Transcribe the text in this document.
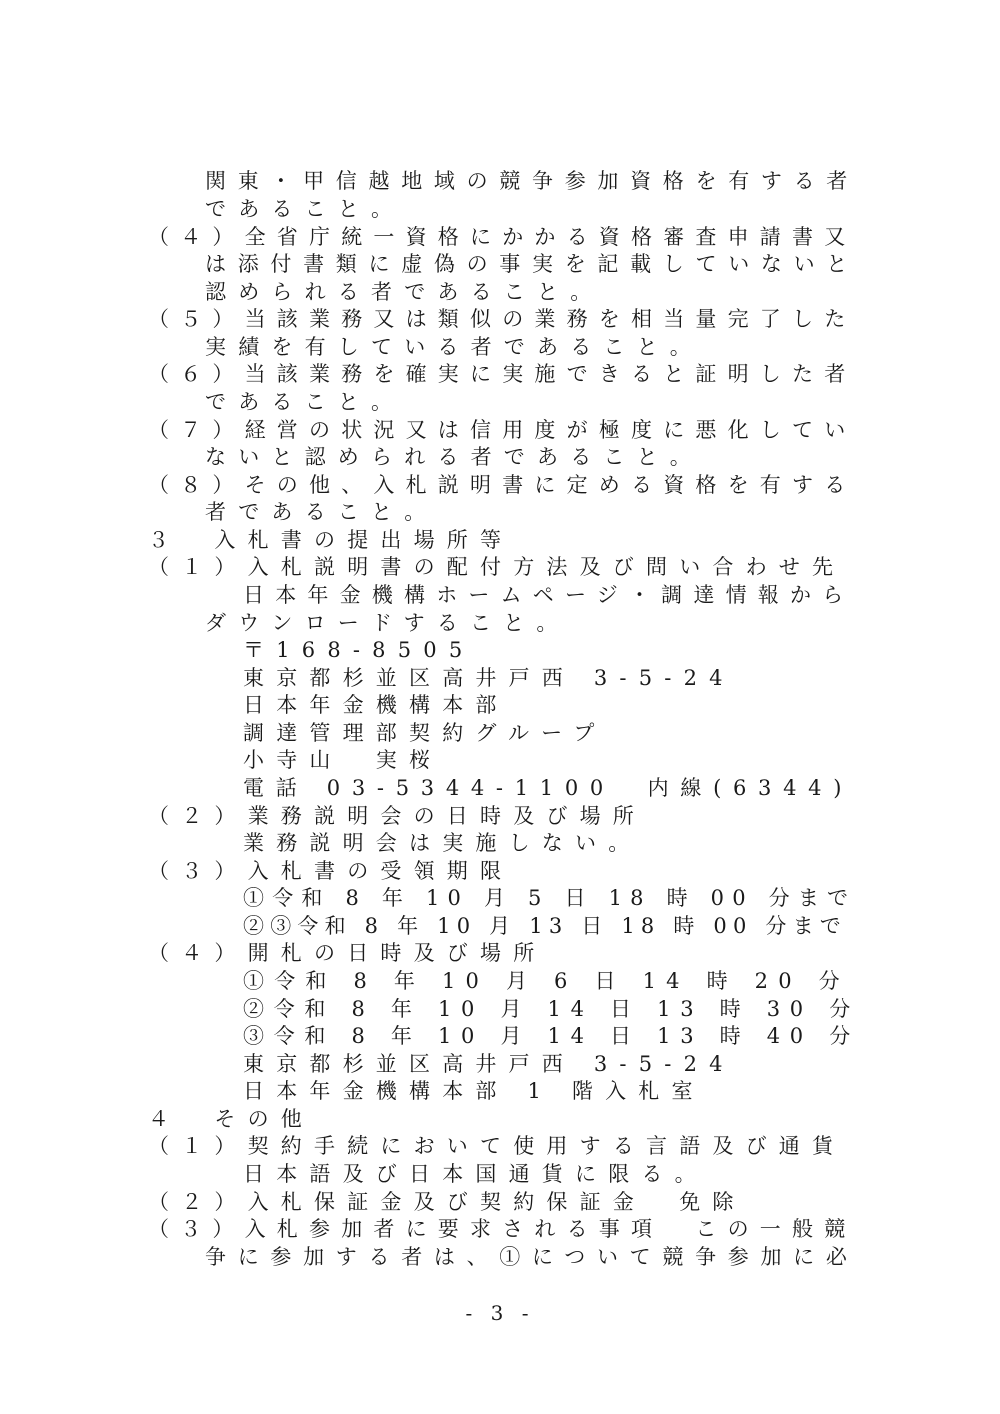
関東・甲信越地域の競争参加資格を有する者
であること。
（４）全省庁統一資格にかかる資格審査申請書又
は添付書類に虚偽の事実を記載していないと
認められる者であること。
（５）当該業務又は類似の業務を相当量完了した
実績を有している者であること。
（６）当該業務を確実に実施できると証明した者
であること。
（７）経営の状況又は信用度が極度に悪化してい
ないと認められる者であること。
（８）その他、入札説明書に定める資格を有する
者であること。
３　入札書の提出場所等
（１）入札説明書の配付方法及び問い合わせ先
日本年金機構ホームページ・調達情報から
ダウンロードすること。
〒168-8505
東京都杉並区高井戸西 3-5-24
日本年金機構本部
調達管理部契約グループ
小寺山　実桜
電話 03-5344-1100　内線(6344)
（２）業務説明会の日時及び場所
業務説明会は実施しない。
（３）入札書の受領期限
①令和 8 年 10 月 5 日 18 時 00 分まで
②③令和 8 年 10 月 13 日 18 時 00 分まで
（４）開札の日時及び場所
①令和 8 年 10 月 6 日 14 時 20 分
②令和 8 年 10 月 14 日 13 時 30 分
③令和 8 年 10 月 14 日 13 時 40 分
東京都杉並区高井戸西 3-5-24
日本年金機構本部 1 階入札室
４　その他
（１）契約手続において使用する言語及び通貨
日本語及び日本国通貨に限る。
（２）入札保証金及び契約保証金　免除
（３）入札参加者に要求される事項　この一般競
争に参加する者は、①について競争参加に必
- 3 -
